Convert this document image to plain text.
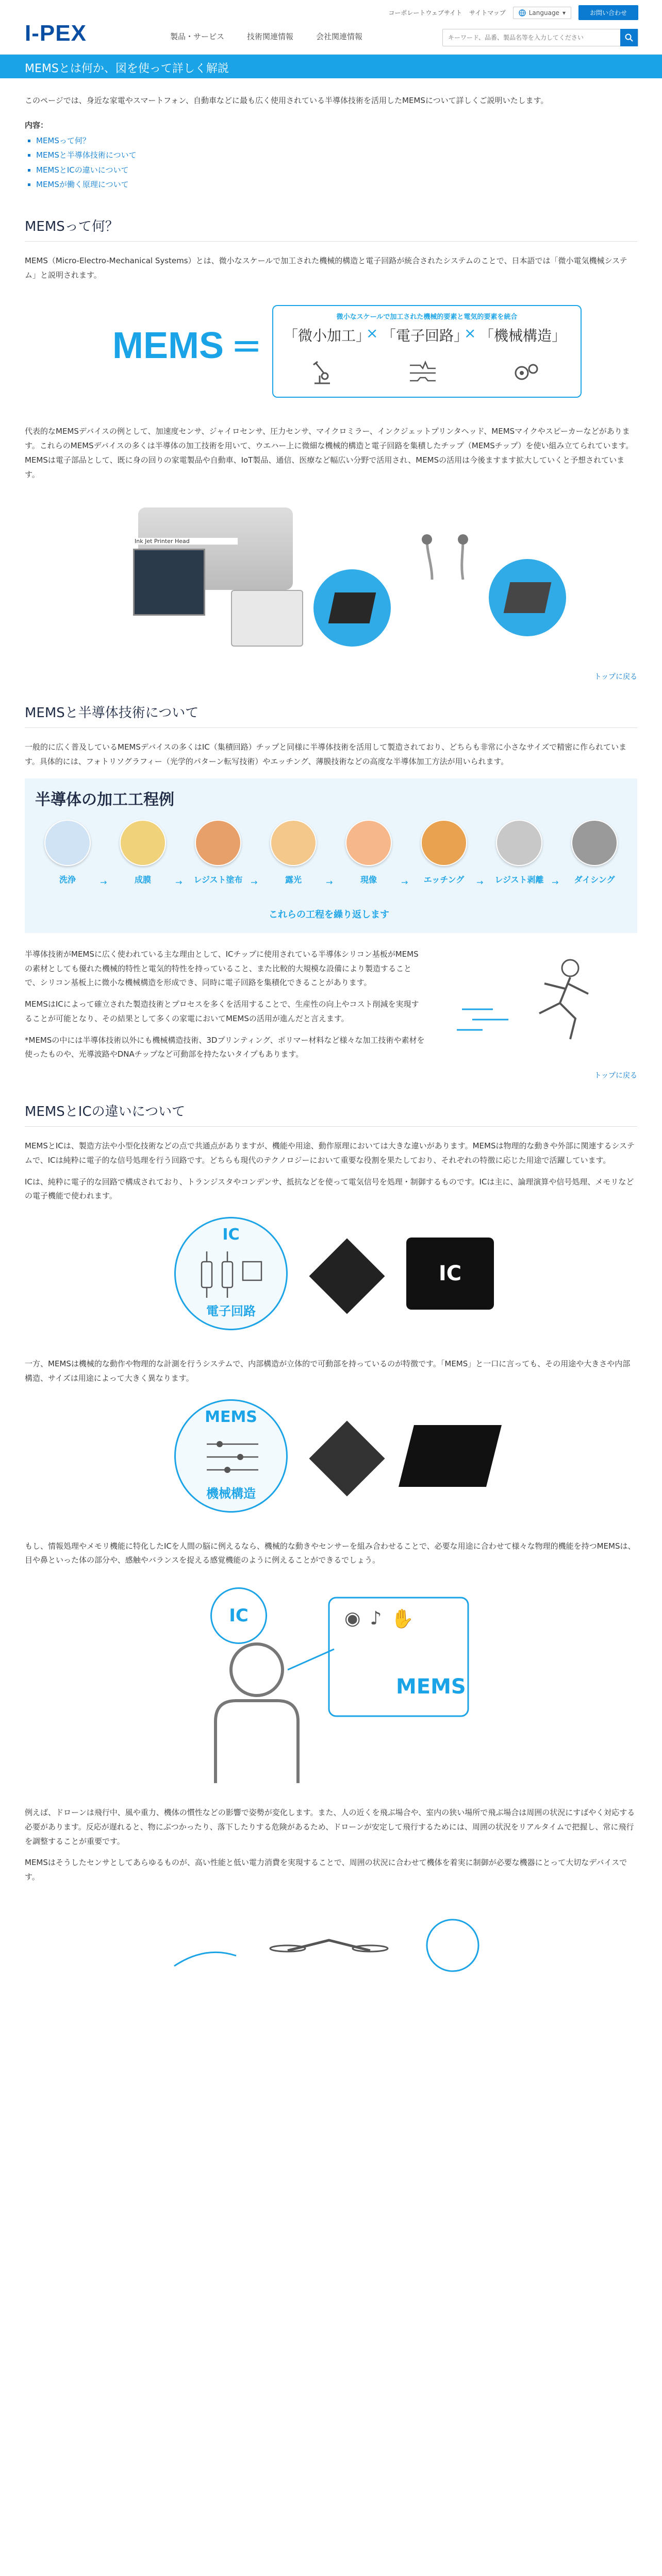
I-PEX
コーポレートウェブサイト サイトマップ	Language ▾	お問い合わせ
製品・サービス	技術関連情報	会社関連情報
キーワード、品番、製品名等を入力してください
MEMSとは何か、図を使って詳しく解説

このページでは、身近な家電やスマートフォン、自動車などに最も広く使用されている半導体技術を活用したMEMSについて詳しくご説明いたします。

内容：
▪ MEMSって何？
▪ MEMSと半導体技術について
▪ MEMSとICの違いについて
▪ MEMSが働く原理について
MEMSって何？

MEMS（Micro-Electro-Mechanical Systems）とは、微小なスケールで加工された機械的構造と電子回路が統合されたシステムのことで、日本語では「微小電気機械システム」と説明されます。

MEMS =
微小なスケールで加工された機械的要素と電気的要素を統合
「微小加工」
× 「電子回路」
× 「機械構造」

代表的なMEMSデバイスの例として、加速度センサ、ジャイロセンサ、圧力センサ、マイクロミラー、インクジェットプリンタヘッド、MEMSマイクやスピーカーなどがあります。これらのMEMSデバイスの多くは半導体の加工技術を用いて、ウエハー上に微細な機械的構造と電子回路を集積したチップ（MEMSチップ）を使い組み立てられています。MEMSは電子部品として、既に身の回りの家電製品や自動車、IoT製品、通信、医療など幅広い分野で活用され、MEMSの活用は今後ますます拡大していくと予想されています。

Ink Jet Printer Head
トップに戻る
MEMSと半導体技術について

一般的に広く普及しているMEMSデバイスの多くはIC（集積回路）チップと同様に半導体技術を活用して製造されており、どちらも非常に小さなサイズで精密に作られています。具体的には、フォトリソグラフィー（光学的パターン転写技術）やエッチング、薄膜技術などの高度な半導体加工方法が用いられます。

半導体の加工工程例
洗浄	→	成膜	→	レジスト塗布 →	露光	→	現像	→	エッチング	→	レジスト剥離 →	ダイシング
これらの工程を繰り返します

半導体技術がMEMSに広く使われている主な理由として、ICチップに使用されている半導体シリコン基板がMEMSの素材としても優れた機械的特性と電気的特性を持っていること、また比較的大規模な設備により製造することで、シリコン基板上に微小な機械構造を形成でき、同時に電子回路を集積化できることがあります。

MEMSはICによって確立された製造技術とプロセスを多くを活用することで、生産性の向上やコスト削減を実現することが可能となり、その結果として多くの家電においてMEMSの活用が進んだと言えます。

*MEMSの中には半導体技術以外にも機械構造技術、3Dプリンティング、ポリマー材料など様々な加工技術や素材を使ったものや、光導波路やDNAチップなど可動部を持たないタイプもあります。

トップに戻る
MEMSとICの違いについて

MEMSとICは、製造方法や小型化技術などの点で共通点がありますが、機能や用途、動作原理においては大きな違いがあります。MEMSは物理的な動きや外部に関連するシステムで、ICは純粋に電子的な信号処理を行う回路です。どちらも現代のテクノロジーにおいて重要な役割を果たしており、それぞれの特徴に応じた用途で活躍しています。

ICは、純粋に電子的な回路で構成されており、トランジスタやコンデンサ、抵抗などを使って電気信号を処理・制御するものです。ICは主に、論理演算や信号処理、メモリなどの電子機能で使われます。

IC
電子回路
IC

一方、MEMSは機械的な動作や物理的な計測を行うシステムで、内部構造が立体的で可動部を持っているのが特徴です。「MEMS」と一口に言っても、その用途や大きさや内部構造、サイズは用途によって大きく異なります。

MEMS
機械構造

もし、情報処理やメモリ機能に特化したICを人間の脳に例えるなら、機械的な動きやセンサーを組み合わせることで、必要な用途に合わせて様々な物理的機能を持つMEMSは、目や鼻といった体の部分や、感触やバランスを捉える感覚機能のように例えることができるでしょう。

IC
MEMS
◉ ♪ ✋

例えば、ドローンは飛行中、風や重力、機体の慣性などの影響で姿勢が変化します。また、人の近くを飛ぶ場合や、室内の狭い場所で飛ぶ場合は周囲の状況にすばやく対応する必要があります。反応が遅れると、物にぶつかったり、落下したりする危険があるため、ドローンが安定して飛行するためには、周囲の状況をリアルタイムで把握し、常に飛行を調整することが重要です。

MEMSはそうしたセンサとしてあらゆるものが、高い性能と低い電力消費を実現することで、周囲の状況に合わせて機体を着実に制御が必要な機器にとって大切なデバイスです。
